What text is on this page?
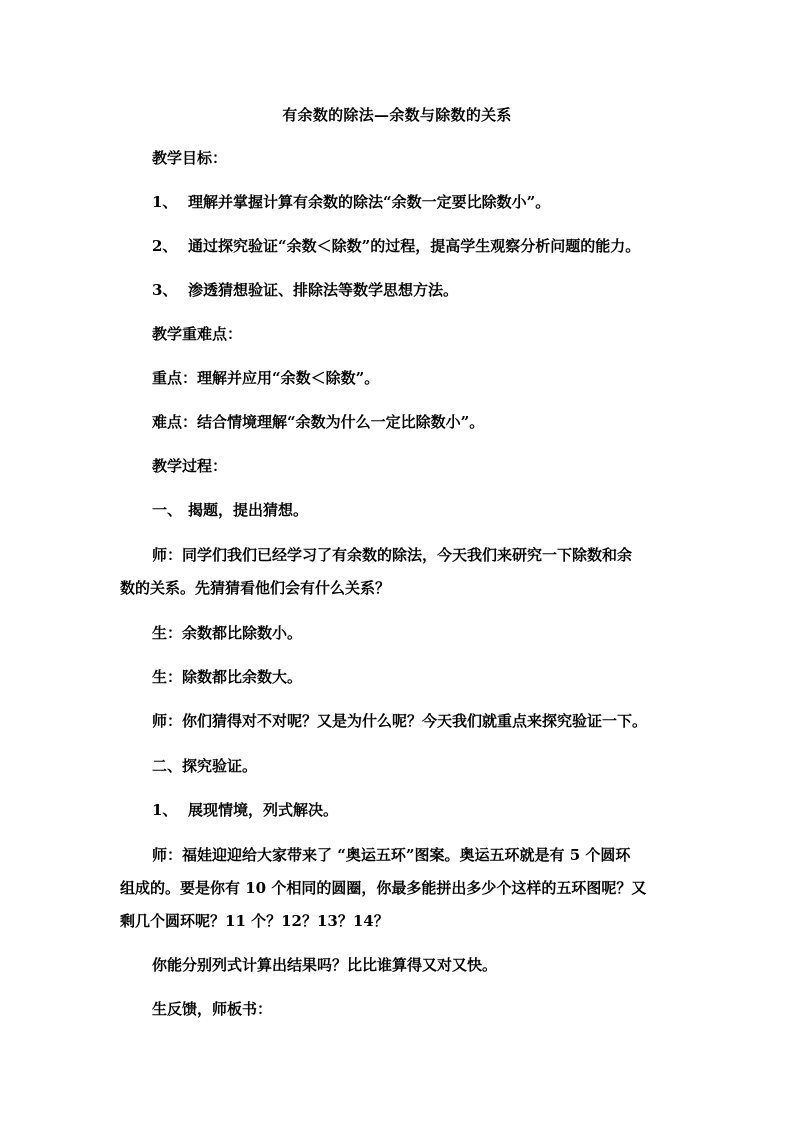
有余数的除法—余数与除数的关系
教学目标：
1、 理解并掌握计算有余数的除法“余数一定要比除数小”。
2、 通过探究验证“余数＜除数”的过程，提高学生观察分析问题的能力。
3、 渗透猜想验证、排除法等数学思想方法。
教学重难点：
重点：理解并应用“余数＜除数”。
难点：结合情境理解“余数为什么一定比除数小”。
教学过程：
一、 揭题，提出猜想。
师：同学们我们已经学习了有余数的除法，今天我们来研究一下除数和余
数的关系。先猜猜看他们会有什么关系？
生：余数都比除数小。
生：除数都比余数大。
师：你们猜得对不对呢？又是为什么呢？今天我们就重点来探究验证一下。
二、探究验证。
1、 展现情境，列式解决。
师：福娃迎迎给大家带来了 “奥运五环”图案。奥运五环就是有 5 个圆环
组成的。要是你有 10 个相同的圆圈，你最多能拼出多少个这样的五环图呢？又
剩几个圆环呢？11 个？12？13？14？
你能分别列式计算出结果吗？比比谁算得又对又快。
生反馈，师板书：
